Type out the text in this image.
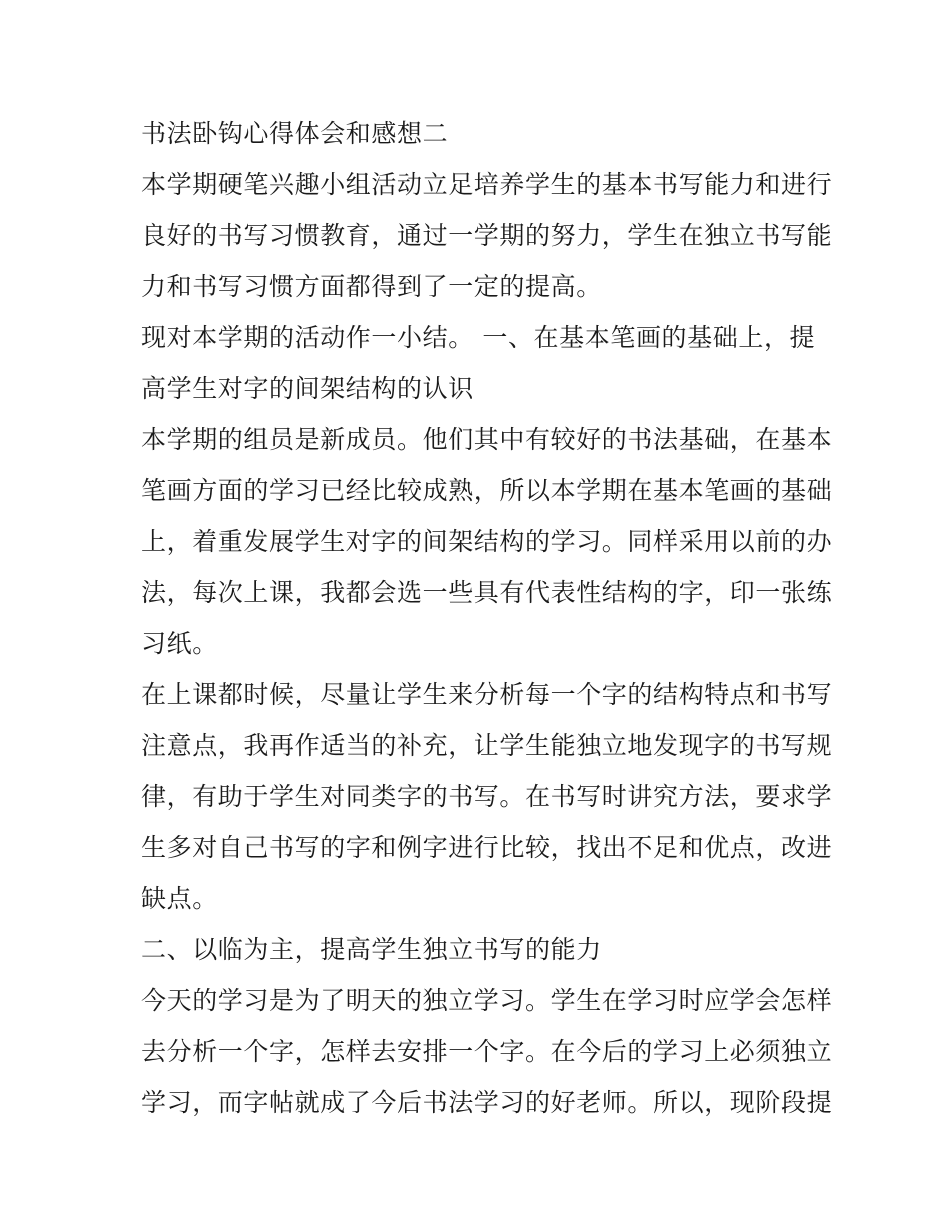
书法卧钩心得体会和感想二
本学期硬笔兴趣小组活动立足培养学生的基本书写能力和进行
良好的书写习惯教育，通过一学期的努力，学生在独立书写能
力和书写习惯方面都得到了一定的提高。
现对本学期的活动作一小结。 一、在基本笔画的基础上，提
高学生对字的间架结构的认识
本学期的组员是新成员。他们其中有较好的书法基础，在基本
笔画方面的学习已经比较成熟，所以本学期在基本笔画的基础
上，着重发展学生对字的间架结构的学习。同样采用以前的办
法，每次上课，我都会选一些具有代表性结构的字，印一张练
习纸。
在上课都时候，尽量让学生来分析每一个字的结构特点和书写
注意点，我再作适当的补充，让学生能独立地发现字的书写规
律，有助于学生对同类字的书写。在书写时讲究方法，要求学
生多对自己书写的字和例字进行比较，找出不足和优点，改进
缺点。
二、以临为主，提高学生独立书写的能力
今天的学习是为了明天的独立学习。学生在学习时应学会怎样
去分析一个字，怎样去安排一个字。在今后的学习上必须独立
学习，而字帖就成了今后书法学习的好老师。所以，现阶段提
